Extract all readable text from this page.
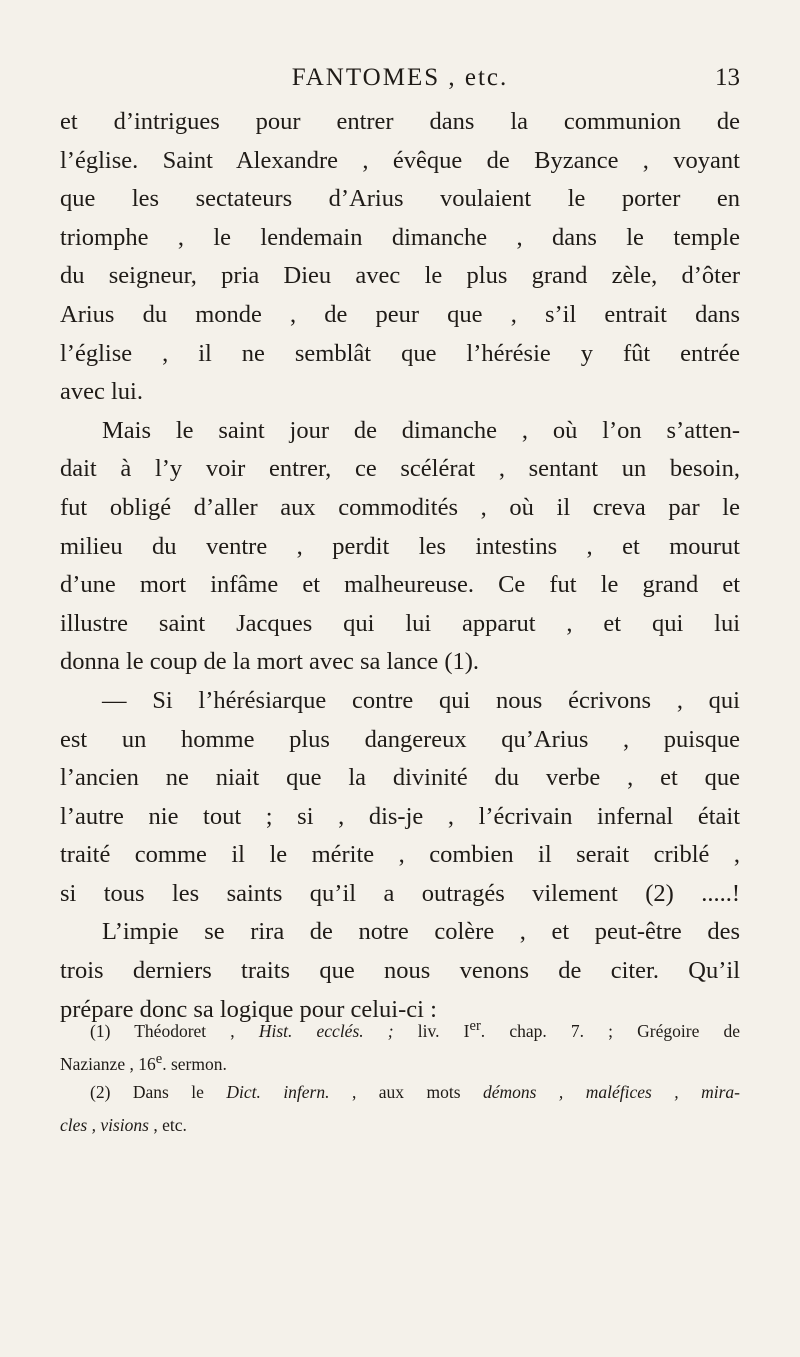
FANTOMES , etc.	13
et d’intrigues pour entrer dans la communion de
l’église. Saint Alexandre , évêque de Byzance , voyant
que les sectateurs d’Arius voulaient le porter en
triomphe , le lendemain dimanche , dans le temple
du seigneur, pria Dieu avec le plus grand zèle, d’ôter
Arius du monde , de peur que , s’il entrait dans
l’église , il ne semblât que l’hérésie y fût entrée
avec lui.
Mais le saint jour de dimanche , où l’on s’atten-
dait à l’y voir entrer, ce scélérat , sentant un besoin,
fut obligé d’aller aux commodités , où il creva par le
milieu du ventre , perdit les intestins , et mourut
d’une mort infâme et malheureuse. Ce fut le grand et
illustre saint Jacques qui lui apparut , et qui lui
donna le coup de la mort avec sa lance (1).
— Si l’hérésiarque contre qui nous écrivons , qui
est un homme plus dangereux qu’Arius , puisque
l’ancien ne niait que la divinité du verbe , et que
l’autre nie tout ; si , dis-je , l’écrivain infernal était
traité comme il le mérite , combien il serait criblé ,
si tous les saints qu’il a outragés vilement (2) .....!
L’impie se rira de notre colère , et peut-être des
trois derniers traits que nous venons de citer. Qu’il
prépare donc sa logique pour celui-ci :
(1) Théodoret , Hist. ecclés. ; liv. Ier. chap. 7. ; Grégoire de
Nazianze , 16e. sermon.
(2) Dans le Dict. infern. , aux mots démons , maléfices , mira-
cles , visions , etc.
